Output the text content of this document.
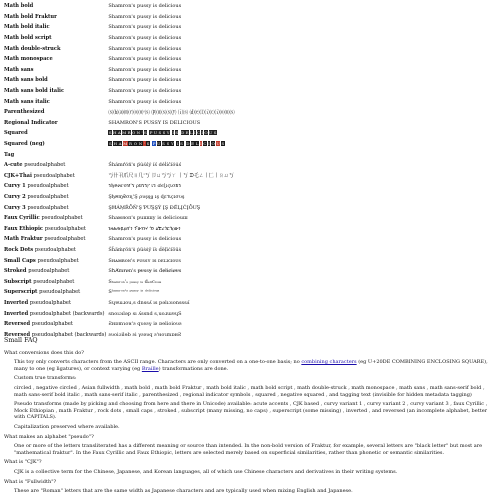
Math bold	Shamron's pussy is delicious
Math bold Fraktur	Shamron's pussy is delicious
Math bold italic	Shamron's pussy is delicious
Math bold script	Shamron's pussy is delicious
Math double-struck	Shamron's pussy is delicious
Math monospace	Shamron's pussy is delicious
Math sans	Shamron's pussy is delicious
Math sans bold	Shamron's pussy is delicious
Math sans bold italic	Shamron's pussy is delicious
Math sans italic	Shamron's pussy is delicious
Parenthesized	⒮⒣⒜⒨⒭⒪⒩'⒮ ⒫⒰⒮⒮⒴ ⒤⒮ ⒟⒠⒧⒤⒞⒤⒪⒰⒮
Regional Indicator	SHAMRON'S PUSSY IS DELICIOUS
Squared	SHAMRON'S PUSSY IS DELICIOUS
Squared (neg)	S H A M R O N ' S P U S S Y I S D E L I C I O U S
Tag	
A-cute pseudoalphabet	Śhámŕóń's ṕúśśý íś déĺíćíóúś
CJK+Thai pseudoalphabet	丂卄卂爪尺ㄖ几'丂 卩ㄩ丂丂ㄚ 丨丂 ᗪ乇ㄥ丨匚丨ㄖㄩ丂
Curvy 1 pseudoalphabet	รђค๓гσห'ร ρยรรץ เร ๔єɭเςเσยร
Curvy 2 pseudoalphabet	Şђคɱ૨σɳ'Ş ρυşşყ เş ɖε٦เçเσυş
Curvy 3 pseudoalphabet	ŞĦÁṂŘỖŇ'Ş ƤƯŞŞÝ ĮŞ ĐĔĻĮĆĮỖƯŞ
Faux Cyrillic pseudoalphabet	Shамяоп's puшшу іs dеlісіоuш
Faux Ethiopic pseudoalphabet	ነዘልጠዪዐክ'ነ ፕሁነነሃ ጎነ ዕቿረጎርጎዐሁነ
Math Fraktur pseudoalphabet	Shamron's pussy is delicious
Rock Dots pseudoalphabet	Ṡḧäṁṛöṅ'ṡ ṗüṡṡÿ ïṡ ḋëḷïċïöüṡ
Small Caps pseudoalphabet	Sʜᴀᴍʀᴏɴ's ᴘᴜssʏ ɪs ᴅᴇʟɪᴄɪᴏᴜs
Stroked pseudoalphabet	SħȺmɍøn's ᵽᵾssɏ ɨs đɇłɨȼɨøᵾs
Subscript pseudoalphabet	Sₕₐₘᵣₒₙ'ₛ ₚᵤₛₛᵧ ᵢₛ dₑₗᵢcᵢₒᵤₛ
Superscript pseudoalphabet	Sʰᵃᵐʳᵒⁿ'ˢ ᵖᵘˢˢʸ ⁱˢ ᵈᵉˡⁱᶜⁱᵒᵘˢ
Inverted pseudoalphabet	Sɥɐɯɹou,s dnssʎ ıs pǝlıɔıonsssʎ
Inverted pseudoalphabet (backwards)	snoıɔılǝp sı ʎssnd s,uoɹɯɐɥS
Reversed pseudoalphabet	Ƨʜɒmɿoᴎ'ƨ qυƨƨγ iƨ ɒɘlioioυƨ
Reversed pseudoalphabet (backwards)	ƨυoiɔilɘb ƨi γƨƨυq ƨ'ᴎoɿmɒʜƧ
Small FAQ

What conversions does this do?

This toy only converts characters from the ASCII range. Characters are only converted on a one-to-one basis; no combining characters (eg U+20DE COMBINING ENCLOSING SQUARE), many to one (eg ligatures), or context varying (eg Braille) transformations are done.

Custom true transforms:

circled , negative circled , Asian fullwidth , math bold , math bold Fraktur , math bold italic , math bold script , math double-struck , math monospace , math sans , math sans-serif bold , math sans-serif bold italic , math sans-serif italic , parenthesized , regional indicator symbols , squared , negative squared , and tagging text (invisible for hidden metadata tagging)

Pseudo transforms (made by picking and choosing from here and there in Unicode) available: acute accents , CJK based , curvy variant 1 , curvy variant 2 , curvy variant 3 , faux Cyrillic , Mock Ethiopian , math Fraktur , rock dots , small caps , stroked , subscript (many missing, no caps) , superscript (some missing) , inverted , and reversed (an incomplete alphabet, better with CAPITALS).

Capitalization preserved where available.

What makes an alphabet "pseudo"?

One or more of the letters transliterated has a different meaning or source than intended. In the non-bold version of Fraktur, for example, several letters are "black letter" but most are "mathematical fraktur". In the Faux Cyrillic and Faux Ethiopic, letters are selected merely based on superficial similarities, rather than phonetic or semantic similarities.

What is "CJK"?

CJK is a collective term for the Chinese, Japanese, and Korean languages, all of which use Chinese characters and derivatives in their writing systems.

What is "Fullwidth"?

These are "Roman" letters that are the same width as Japanese characters and are typically used when mixing English and Japanese.
